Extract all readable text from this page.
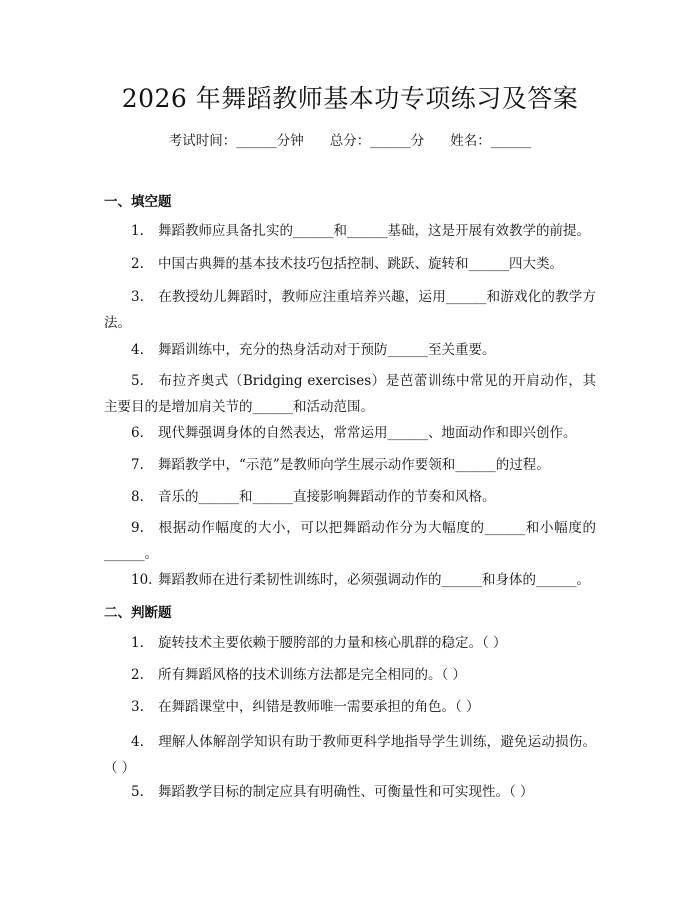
2026 年舞蹈教师基本功专项练习及答案
考试时间：______分钟 总分：______分 姓名：______
一、填空题
1. 舞蹈教师应具备扎实的______和______基础，这是开展有效教学的前提。
2. 中国古典舞的基本技术技巧包括控制、跳跃、旋转和______四大类。
3. 在教授幼儿舞蹈时，教师应注重培养兴趣，运用______和游戏化的教学方法。
4. 舞蹈训练中，充分的热身活动对于预防______至关重要。
5. 布拉齐奥式（Bridging exercises）是芭蕾训练中常见的开肩动作，其主要目的是增加肩关节的______和活动范围。
6. 现代舞强调身体的自然表达，常常运用______、地面动作和即兴创作。
7. 舞蹈教学中，“示范”是教师向学生展示动作要领和______的过程。
8. 音乐的______和______直接影响舞蹈动作的节奏和风格。
9. 根据动作幅度的大小，可以把舞蹈动作分为大幅度的______和小幅度的______。
10. 舞蹈教师在进行柔韧性训练时，必须强调动作的______和身体的______。
二、判断题
1. 旋转技术主要依赖于腰胯部的力量和核心肌群的稳定。（ ）
2. 所有舞蹈风格的技术训练方法都是完全相同的。（ ）
3. 在舞蹈课堂中，纠错是教师唯一需要承担的角色。（ ）
4. 理解人体解剖学知识有助于教师更科学地指导学生训练，避免运动损伤。（ ）
5. 舞蹈教学目标的制定应具有明确性、可衡量性和可实现性。（ ）
